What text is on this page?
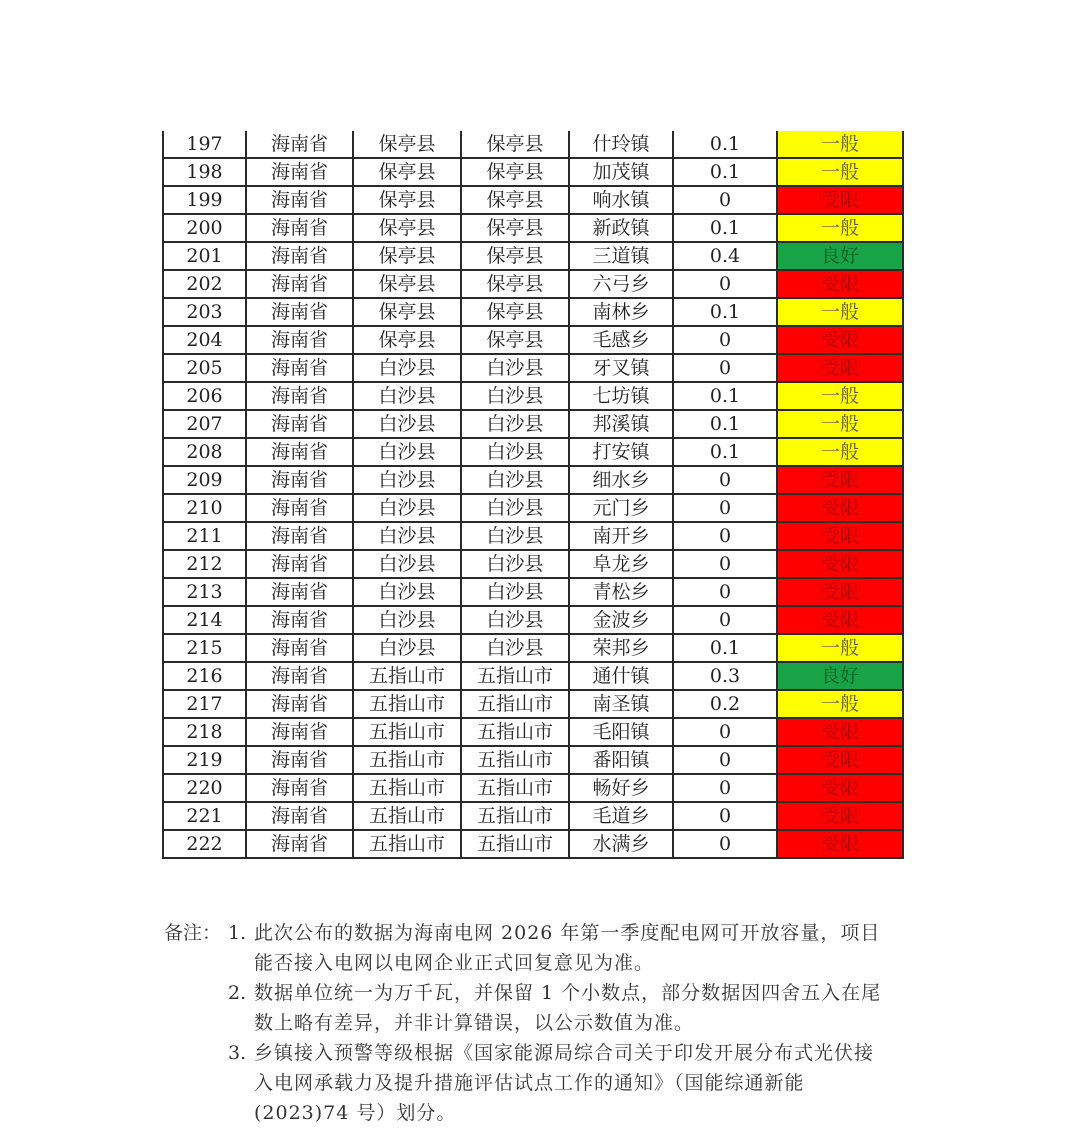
197	海南省	保亭县	保亭县	什玲镇	0.1	一般
198	海南省	保亭县	保亭县	加茂镇	0.1	一般
199	海南省	保亭县	保亭县	响水镇	0	受限
200	海南省	保亭县	保亭县	新政镇	0.1	一般
201	海南省	保亭县	保亭县	三道镇	0.4	良好
202	海南省	保亭县	保亭县	六弓乡	0	受限
203	海南省	保亭县	保亭县	南林乡	0.1	一般
204	海南省	保亭县	保亭县	毛感乡	0	受限
205	海南省	白沙县	白沙县	牙叉镇	0	受限
206	海南省	白沙县	白沙县	七坊镇	0.1	一般
207	海南省	白沙县	白沙县	邦溪镇	0.1	一般
208	海南省	白沙县	白沙县	打安镇	0.1	一般
209	海南省	白沙县	白沙县	细水乡	0	受限
210	海南省	白沙县	白沙县	元门乡	0	受限
211	海南省	白沙县	白沙县	南开乡	0	受限
212	海南省	白沙县	白沙县	阜龙乡	0	受限
213	海南省	白沙县	白沙县	青松乡	0	受限
214	海南省	白沙县	白沙县	金波乡	0	受限
215	海南省	白沙县	白沙县	荣邦乡	0.1	一般
216	海南省	五指山市	五指山市	通什镇	0.3	良好
217	海南省	五指山市	五指山市	南圣镇	0.2	一般
218	海南省	五指山市	五指山市	毛阳镇	0	受限
219	海南省	五指山市	五指山市	番阳镇	0	受限
220	海南省	五指山市	五指山市	畅好乡	0	受限
221	海南省	五指山市	五指山市	毛道乡	0	受限
222	海南省	五指山市	五指山市	水满乡	0	受限
备注： 1. 此次公布的数据为海南电网 2026 年第一季度配电网可开放容量，项目
能否接入电网以电网企业正式回复意见为准。
2. 数据单位统一为万千瓦，并保留 1 个小数点，部分数据因四舍五入在尾
数上略有差异，并非计算错误，以公示数值为准。
3. 乡镇接入预警等级根据《国家能源局综合司关于印发开展分布式光伏接
入电网承载力及提升措施评估试点工作的通知》（国能综通新能
(2023)74 号）划分。
